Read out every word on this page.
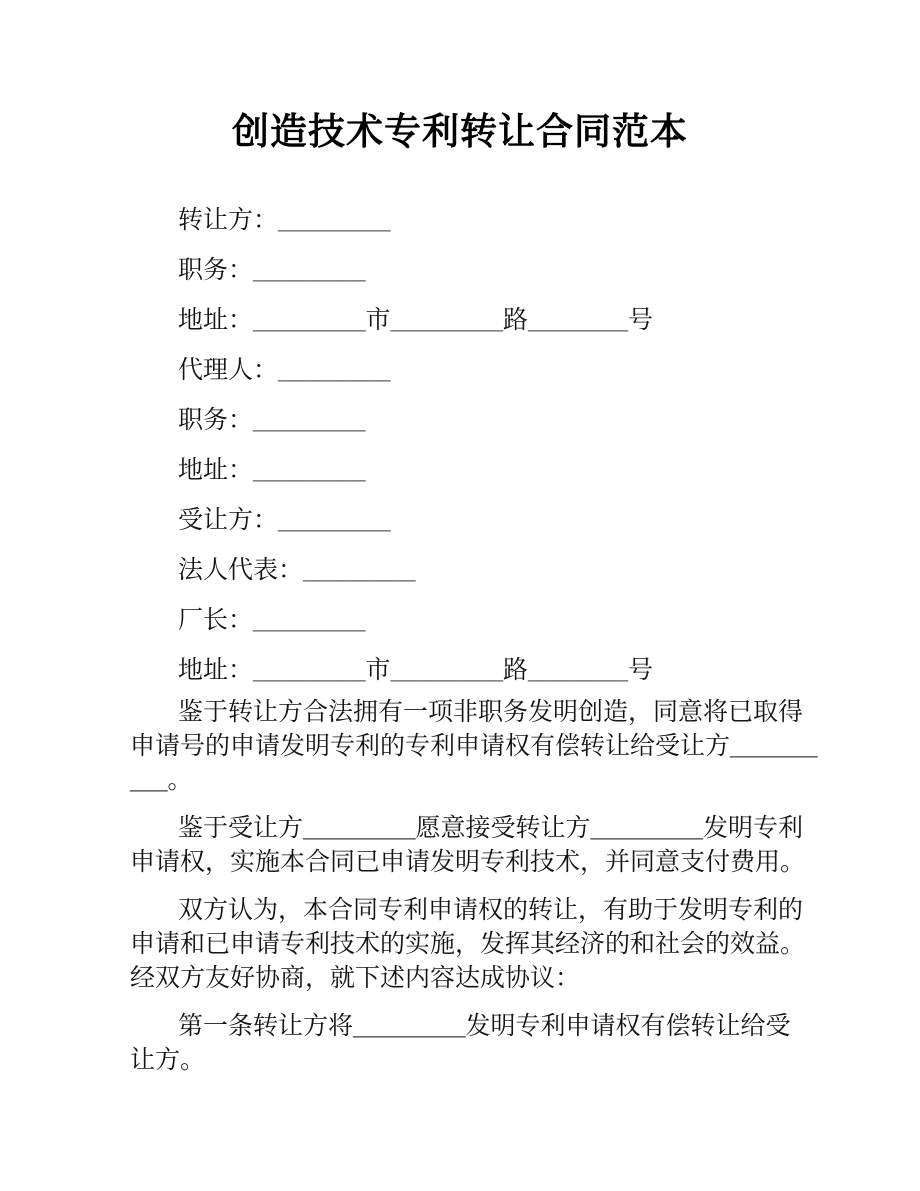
创造技术专利转让合同范本
转让方：_________
职务：_________
地址：_________市_________路________号
代理人：_________
职务：_________
地址：_________
受让方：_________
法人代表：_________
厂长：_________
地址：_________市_________路________号
鉴于转让方合法拥有一项非职务发明创造，同意将已取得
申请号的申请发明专利的专利申请权有偿转让给受让方_______
___。
鉴于受让方_________愿意接受转让方_________发明专利
申请权，实施本合同已申请发明专利技术，并同意支付费用。
双方认为，本合同专利申请权的转让，有助于发明专利的
申请和已申请专利技术的实施，发挥其经济的和社会的效益。
经双方友好协商，就下述内容达成协议：
第一条转让方将_________发明专利申请权有偿转让给受
让方。
